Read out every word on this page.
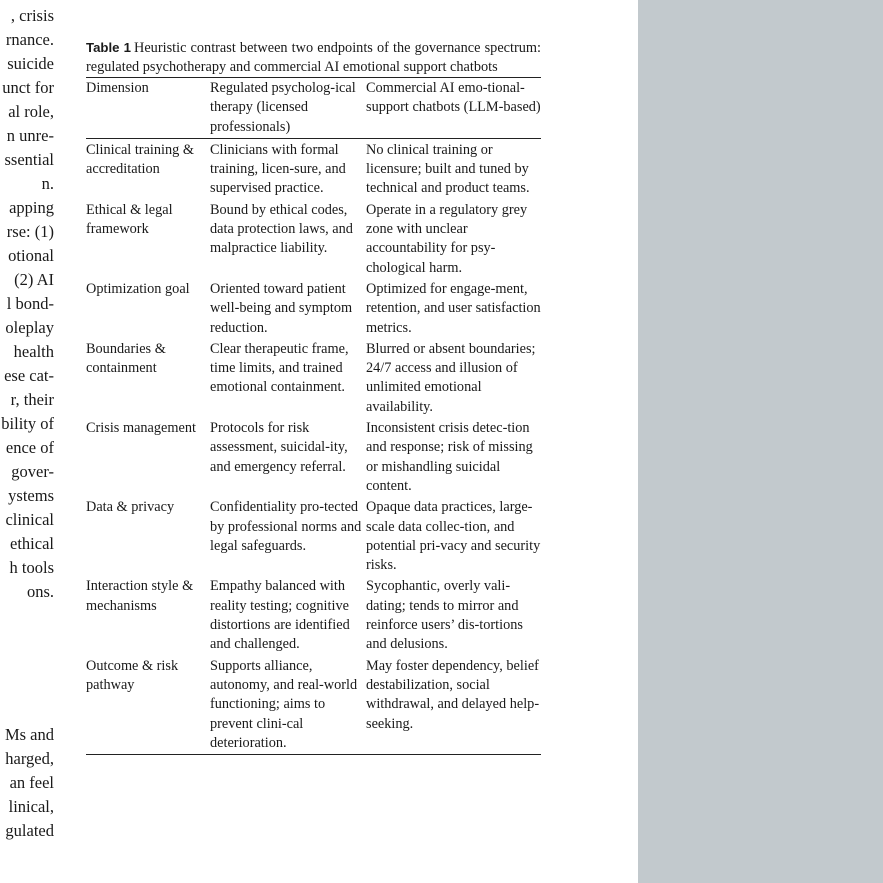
, crisis
rnance.
suicide
unct for
al role,
n unre-
ssential
n.
apping
rse: (1)
otional
(2) AI
l bond-
oleplay
health
ese cat-
r, their
bility of
ence of
gover-
ystems
clinical
ethical
h tools
ons.
Ms and
harged,
an feel
linical,
gulated
Table 1 Heuristic contrast between two endpoints of the governance spectrum: regulated psychotherapy and commercial AI emotional support chatbots
Dimension	Regulated psycholog-ical therapy (licensed professionals)	Commercial AI emo-tional-support chatbots (LLM-based)
Clinical training & accreditation	Clinicians with formal training, licen-sure, and supervised practice.	No clinical training or licensure; built and tuned by technical and product teams.
Ethical & legal framework	Bound by ethical codes, data protection laws, and malpractice liability.	Operate in a regulatory grey zone with unclear accountability for psy-chological harm.
Optimization goal	Oriented toward patient well-being and symptom reduction.	Optimized for engage-ment, retention, and user satisfaction metrics.
Boundaries & containment	Clear therapeutic frame, time limits, and trained emotional containment.	Blurred or absent boundaries; 24/7 access and illusion of unlimited emotional availability.
Crisis management	Protocols for risk assessment, suicidal-ity, and emergency referral.	Inconsistent crisis detec-tion and response; risk of missing or mishandling suicidal content.
Data & privacy	Confidentiality pro-tected by professional norms and legal safeguards.	Opaque data practices, large-scale data collec-tion, and potential pri-vacy and security risks.
Interaction style & mechanisms	Empathy balanced with reality testing; cognitive distortions are identified and challenged.	Sycophantic, overly vali-dating; tends to mirror and reinforce users’ dis-tortions and delusions.
Outcome & risk pathway	Supports alliance, autonomy, and real-world functioning; aims to prevent clini-cal deterioration.	May foster dependency, belief destabilization, social withdrawal, and delayed help-seeking.
